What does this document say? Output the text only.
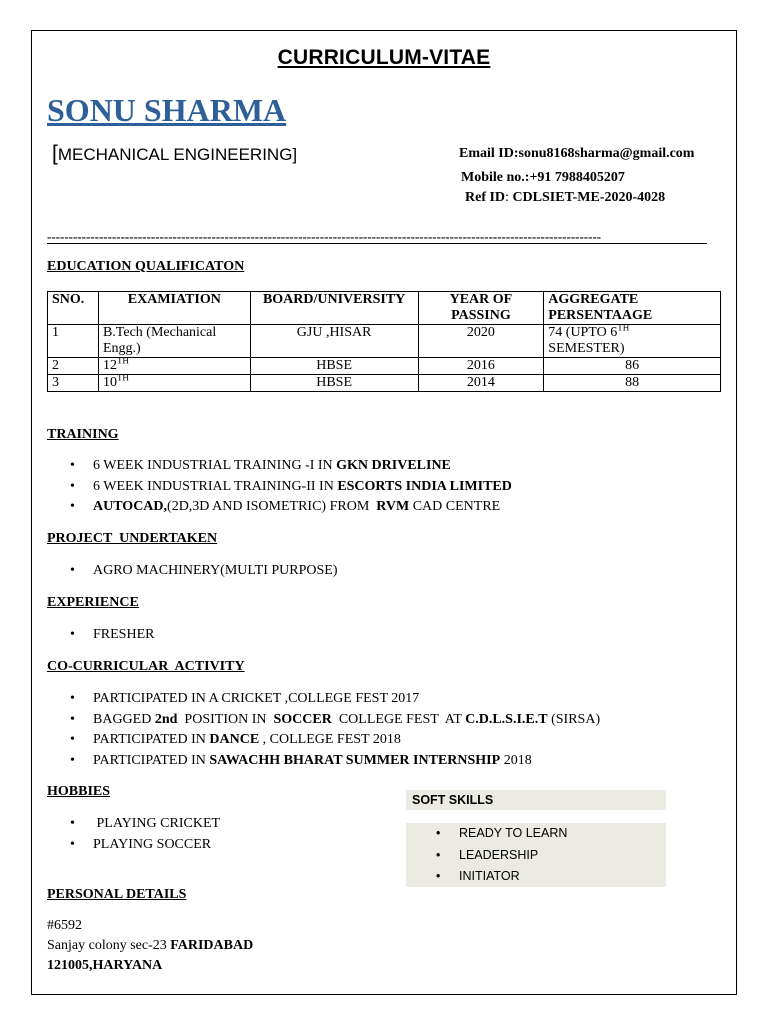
CURRICULUM-VITAE
SONU SHARMA
[MECHANICAL ENGINEERING]	Email ID:sonu8168sharma@gmail.com
Mobile no.:+91 7988405207
Ref ID: CDLSIET-ME-2020-4028
--------------------------------------------------------------------------------------------------------------------------------
EDUCATION QUALIFICATON
SNO.	EXAMIATION	BOARD/UNIVERSITY	YEAR OF PASSING	AGGREGATE PERSENTAAGE
1	B.Tech (Mechanical Engg.)	GJU ,HISAR	2020	74 (UPTO 6TH
SEMESTER)
2	12TH	HBSE	2016	86
3	10TH	HBSE	2014	88
TRAINING
• 6 WEEK INDUSTRIAL TRAINING -I IN GKN DRIVELINE
• 6 WEEK INDUSTRIAL TRAINING-II IN ESCORTS INDIA LIMITED
• AUTOCAD,(2D,3D AND ISOMETRIC) FROM  RVM CAD CENTRE
PROJECT  UNDERTAKEN
• AGRO MACHINERY(MULTI PURPOSE)
EXPERIENCE
• FRESHER
CO-CURRICULAR  ACTIVITY
• PARTICIPATED IN A CRICKET ,COLLEGE FEST 2017
• BAGGED 2nd  POSITION IN  SOCCER  COLLEGE FEST  AT C.D.L.S.I.E.T (SIRSA)
• PARTICIPATED IN DANCE , COLLEGE FEST 2018
• PARTICIPATED IN SAWACHH BHARAT SUMMER INTERNSHIP 2018
HOBBIES
•  PLAYING CRICKET
• PLAYING SOCCER
SOFT SKILLS
• READY TO LEARN
• LEADERSHIP
• INITIATOR
PERSONAL DETAILS
#6592
Sanjay colony sec-23 FARIDABAD
121005,HARYANA
